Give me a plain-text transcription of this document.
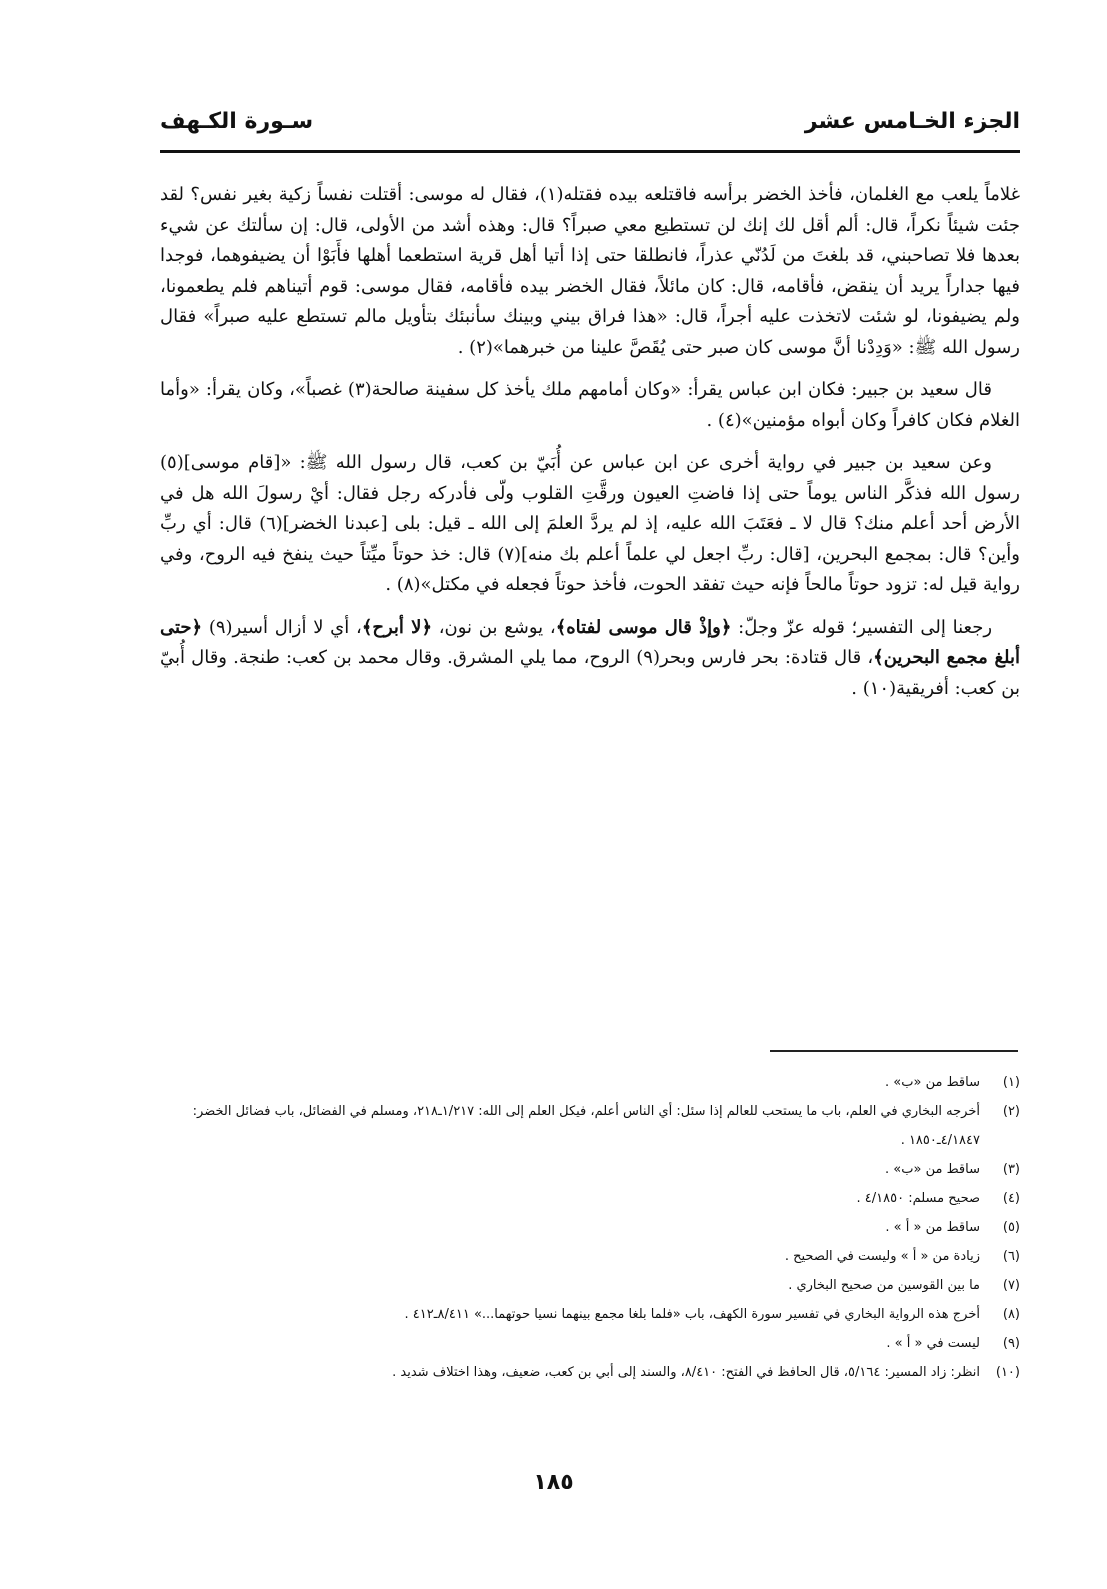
الجزء الخـامس عشر
سـورة الكـهف

غلاماً يلعب مع الغلمان، فأخذ الخضر برأسه فاقتلعه بيده فقتله(١)، فقال له موسى: أقتلت نفساً زكية بغير نفس؟ لقد جئت شيئاً نكراً، قال: ألم أقل لك إنك لن تستطيع معي صبراً؟ قال: وهذه أشد من الأولى، قال: إن سألتك عن شيء بعدها فلا تصاحبني، قد بلغتَ من لَدُنّي عذراً، فانطلقا حتى إذا أتيا أهل قرية استطعما أهلها فأَبَوْا أن يضيفوهما، فوجدا فيها جداراً يريد أن ينقض، فأقامه، قال: كان مائلاً، فقال الخضر بيده فأقامه، فقال موسى: قوم أتيناهم فلم يطعمونا، ولم يضيفونا، لو شئت لاتخذت عليه أجراً، قال: «هذا فراق بيني وبينك سأنبئك بتأويل مالم تستطع عليه صبراً» فقال رسول الله ﷺ: «وَدِدْنا أنَّ موسى كان صبر حتى يُقَصَّ علينا من خبرهما»(٢) .

قال سعيد بن جبير: فكان ابن عباس يقرأ: «وكان أمامهم ملك يأخذ كل سفينة صالحة(٣) غصباً»، وكان يقرأ: «وأما الغلام فكان كافراً وكان أبواه مؤمنين»(٤) .

وعن سعيد بن جبير في رواية أخرى عن ابن عباس عن أُبَيّ بن كعب، قال رسول الله ﷺ: «[قام موسى](٥) رسول الله فذكَّر الناس يوماً حتى إذا فاضتِ العيون ورقَّتِ القلوب ولّى فأدركه رجل فقال: أيْ رسولَ الله هل في الأرض أحد أعلم منك؟ قال لا ـ فعَتَبَ الله عليه، إذ لم يردَّ العلمَ إلى الله ـ قيل: بلى [عبدنا الخضر](٦) قال: أي ربِّ وأين؟ قال: بمجمع البحرين، [قال: ربِّ اجعل لي علماً أعلم بك منه](٧) قال: خذ حوتاً ميِّتاً حيث ينفخ فيه الروح، وفي رواية قيل له: تزود حوتاً مالحاً فإنه حيث تفقد الحوت، فأخذ حوتاً فجعله في مكتل»(٨) .

رجعنا إلى التفسير؛ قوله عزّ وجلّ: ﴿وإذْ قال موسى لفتاه﴾، يوشع بن نون، ﴿لا أبرح﴾، أي لا أزال أسير(٩) ﴿حتى أبلغ مجمع البحرين﴾، قال قتادة: بحر فارس وبحر(٩) الروح، مما يلي المشرق. وقال محمد بن كعب: طنجة. وقال أُبيّ بن كعب: أفريقية(١٠) .

(١)
ساقط من «ب» .
(٢)
أخرجه البخاري في العلم، باب ما يستحب للعالم إذا سئل: أي الناس أعلم، فيكل العلم إلى الله: ١/٢١٧ـ٢١٨، ومسلم في الفضائل، باب فضائل الخضر: ٤/١٨٤٧ـ١٨٥٠ .
(٣)
ساقط من «ب» .
(٤)
صحيح مسلم: ٤/١٨٥٠ .
(٥)
ساقط من « أ » .
(٦)
زيادة من « أ » وليست في الصحيح .
(٧)
ما بين القوسين من صحيح البخاري .
(٨)
أخرج هذه الرواية البخاري في تفسير سورة الكهف، باب «فلما بلغا مجمع بينهما نسيا حوتهما...» ٨/٤١١ـ٤١٢ .
(٩)
ليست في « أ » .
(١٠)
انظر: زاد المسير: ٥/١٦٤، قال الحافظ في الفتح: ٨/٤١٠، والسند إلى أبي بن كعب، ضعيف، وهذا اختلاف شديد .
١٨٥
